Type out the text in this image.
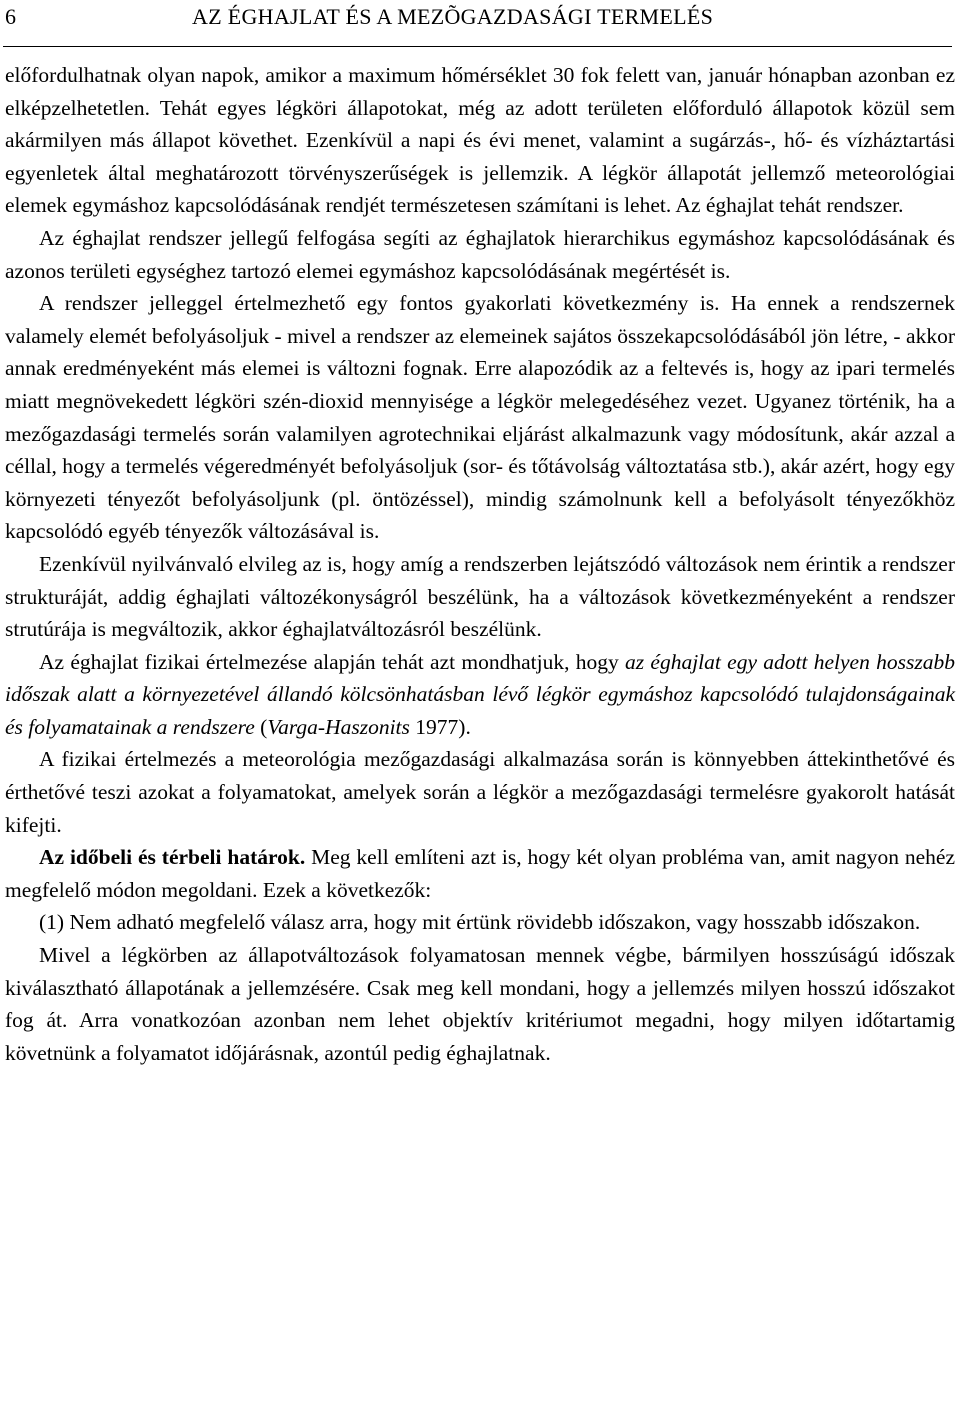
6	AZ ÉGHAJLAT ÉS A MEZÕGAZDASÁGI TERMELÉS

előfordulhatnak olyan napok, amikor a maximum hőmérséklet 30 fok felett van, január hónapban azonban ez elképzelhetetlen. Tehát egyes légköri állapotokat, még az adott területen előforduló állapotok közül sem akármilyen más állapot követhet. Ezenkívül a napi és évi menet, valamint a sugárzás-, hő- és vízháztartási egyenletek által meghatározott törvényszerűségek is jellemzik. A légkör állapotát jellemző meteorológiai elemek egymáshoz kapcsolódásának rendjét természetesen számítani is lehet. Az éghajlat tehát rendszer.

Az éghajlat rendszer jellegű felfogása segíti az éghajlatok hierarchikus egymáshoz kapcsolódásának és azonos területi egységhez tartozó elemei egymáshoz kapcsolódásának megértését is.

A rendszer jelleggel értelmezhető egy fontos gyakorlati következmény is. Ha ennek a rendszernek valamely elemét befolyásoljuk - mivel a rendszer az elemeinek sajátos összekapcsolódásából jön létre, - akkor annak eredményeként más elemei is változni fognak. Erre alapozódik az a feltevés is, hogy az ipari termelés miatt megnövekedett légköri szén-dioxid mennyisége a légkör melegedéséhez vezet. Ugyanez történik, ha a mezőgazdasági termelés során valamilyen agrotechnikai eljárást alkalmazunk vagy módosítunk, akár azzal a céllal, hogy a termelés végeredményét befolyásoljuk (sor- és tőtávolság változtatása stb.), akár azért, hogy egy környezeti tényezőt befolyásoljunk (pl. öntözéssel), mindig számolnunk kell a befolyásolt tényezőkhöz kapcsolódó egyéb tényezők változásával is.

Ezenkívül nyilvánvaló elvileg az is, hogy amíg a rendszerben lejátszódó változások nem érintik a rendszer strukturáját, addig éghajlati változékonyságról beszélünk, ha a változások következményeként a rendszer strutúrája is megváltozik, akkor éghajlatváltozásról beszélünk.

Az éghajlat fizikai értelmezése alapján tehát azt mondhatjuk, hogy az éghajlat egy adott helyen hosszabb időszak alatt a környezetével állandó kölcsönhatásban lévő légkör egymáshoz kapcsolódó tulajdonságainak és folyamatainak a rendszere (Varga-Haszonits 1977).

A fizikai értelmezés a meteorológia mezőgazdasági alkalmazása során is könnyebben áttekinthetővé és érthetővé teszi azokat a folyamatokat, amelyek során a légkör a mezőgazdasági termelésre gyakorolt hatását kifejti.

Az időbeli és térbeli határok. Meg kell említeni azt is, hogy két olyan probléma van, amit nagyon nehéz megfelelő módon megoldani. Ezek a következők:

(1) Nem adható megfelelő válasz arra, hogy mit értünk rövidebb időszakon, vagy hosszabb időszakon.

Mivel a légkörben az állapotváltozások folyamatosan mennek végbe, bármilyen hosszúságú időszak kiválasztható állapotának a jellemzésére. Csak meg kell mondani, hogy a jellemzés milyen hosszú időszakot fog át. Arra vonatkozóan azonban nem lehet objektív kritériumot megadni, hogy milyen időtartamig követnünk a folyamatot időjárásnak, azontúl pedig éghajlatnak.
